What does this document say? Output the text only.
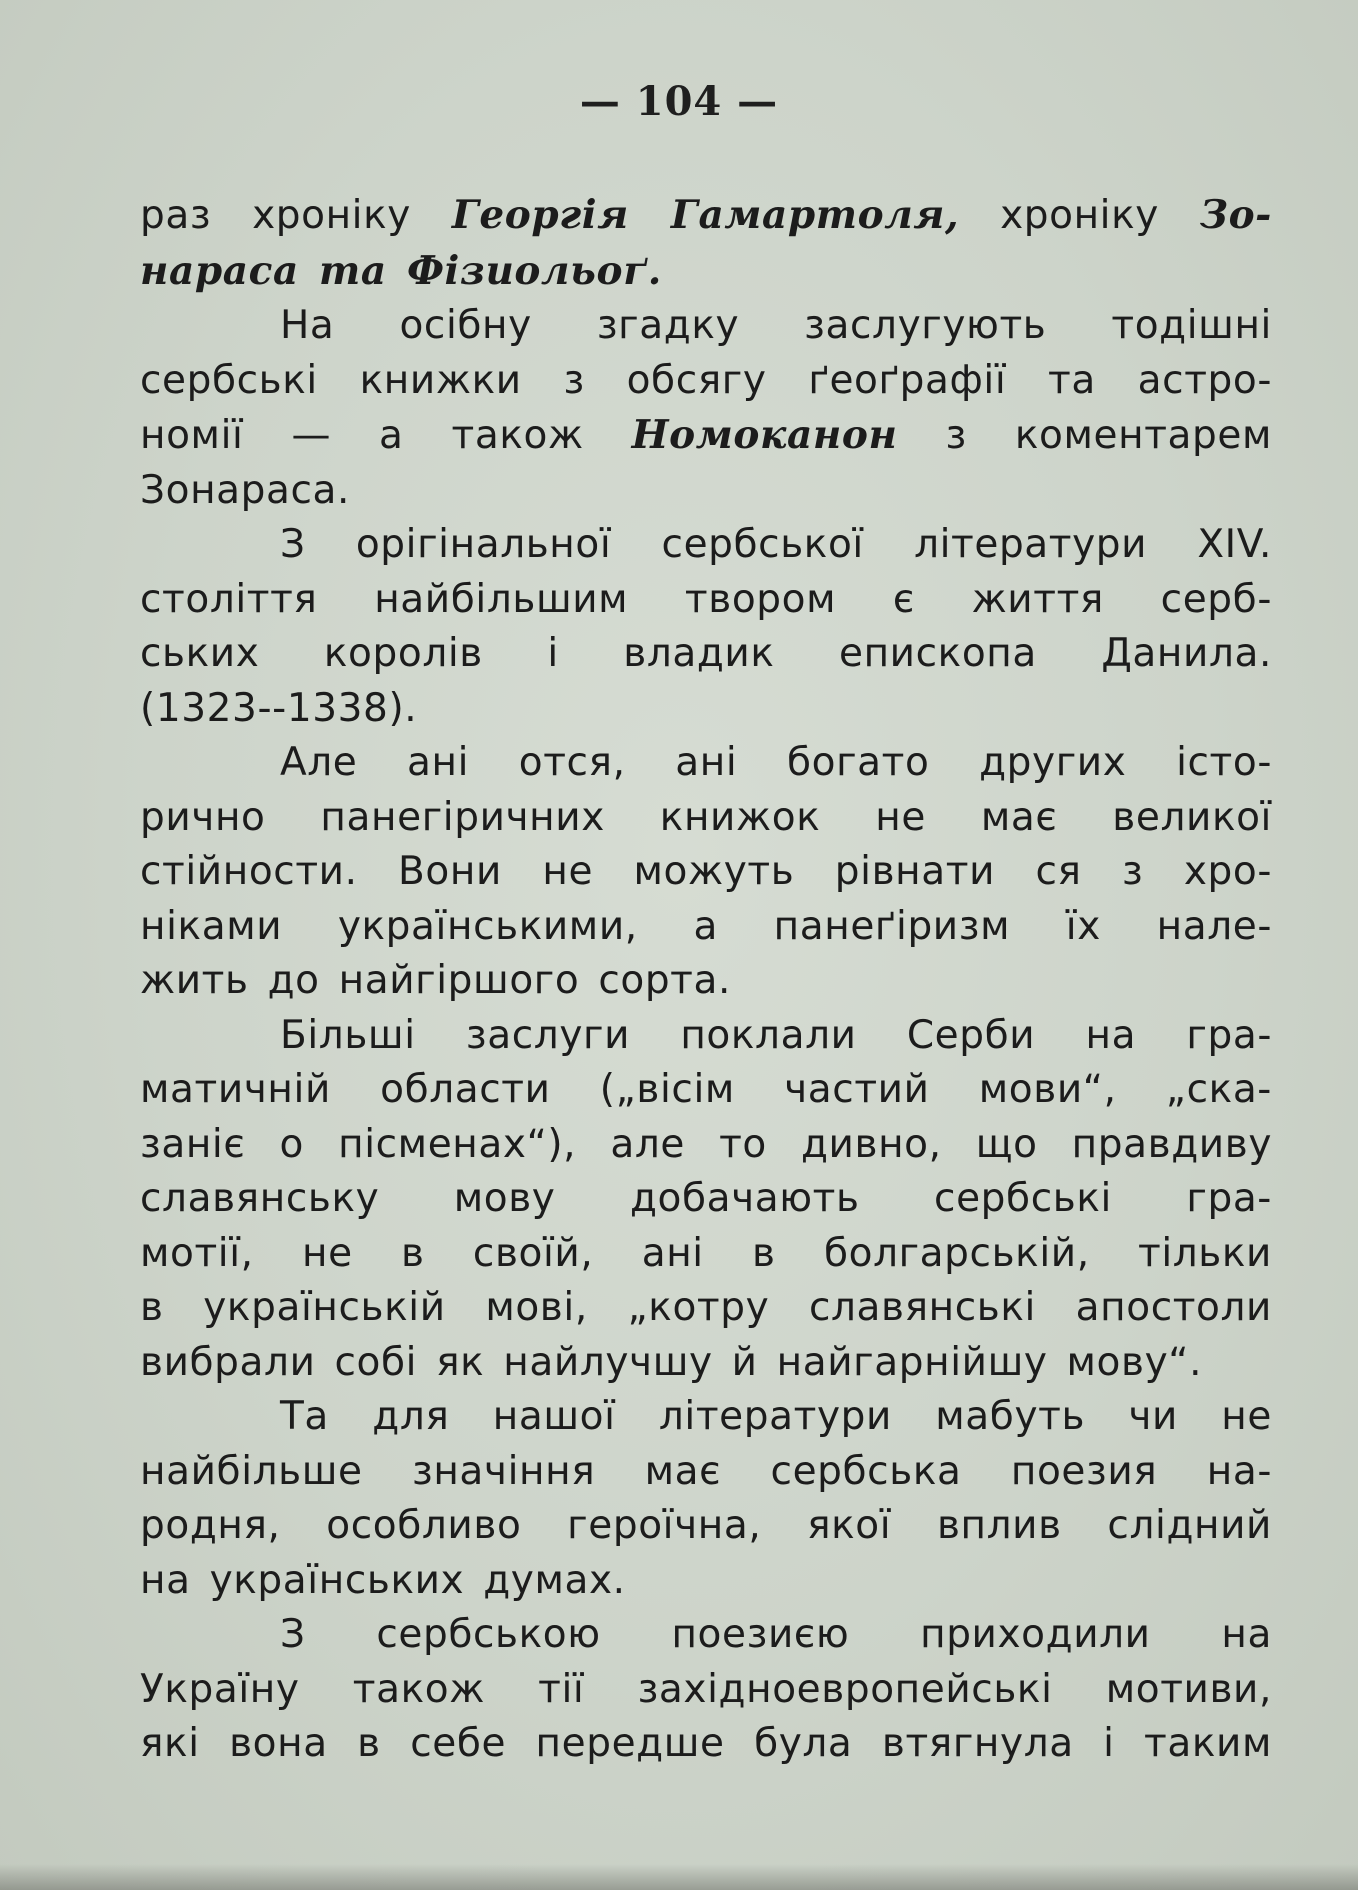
— 104 —
раз хроніку Георгія Гамартоля, хроніку Зо-
нараса та Фізиольоґ.
На осібну згадку заслугують тодішні
сербські книжки з обсягу ґеоґрафії та астро-
номії — а також Номоканон з коментарем
Зонараса.
З орігінальної сербської літератури XIV.
століття найбільшим твором є життя серб-
ських королів і владик епископа Данила.
(1323--1338).
Але ані отся, ані богато других істо-
рично панегіричних книжок не має великої
стійности. Вони не можуть рівнати ся з хро-
ніками українськими, а панеґіризм їх нале-
жить до найгіршого сорта.
Більші заслуги поклали Серби на гра-
матичній области („вісім частий мови“, „ска-
заніє о пісменах“), але то дивно, що правдиву
славянську мову добачають сербські гра-
мотії, не в своїй, ані в болгарській, тільки
в українській мові, „котру славянські апостоли
вибрали собі як найлучшу й найгарнійшу мову“.
Та для нашої літератури мабуть чи не
найбільше значіння має сербська поезия на-
родня, особливо героїчна, якої вплив слідний
на українських думах.
З сербською поезиєю приходили на
Україну також тії західноевропейські мотиви,
які вона в себе передше була втягнула і таким
